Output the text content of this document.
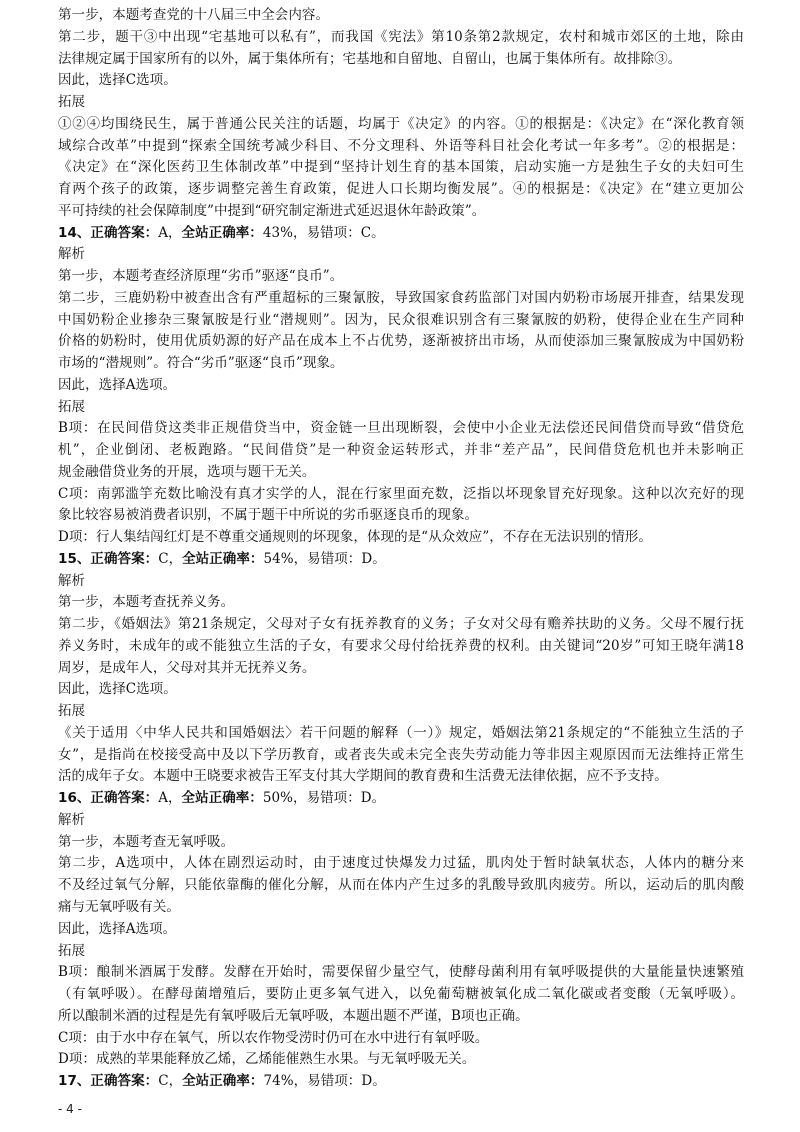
第一步，本题考查党的十八届三中全会内容。
第二步，题干③中出现“宅基地可以私有”，而我国《宪法》第10条第2款规定，农村和城市郊区的土地，除由
法律规定属于国家所有的以外，属于集体所有；宅基地和自留地、自留山，也属于集体所有。故排除③。
因此，选择C选项。
拓展
①②④均围绕民生，属于普通公民关注的话题，均属于《决定》的内容。①的根据是：《决定》在“深化教育领
域综合改革”中提到“探索全国统考减少科目、不分文理科、外语等科目社会化考试一年多考”。②的根据是：
《决定》在“深化医药卫生体制改革”中提到“坚持计划生育的基本国策，启动实施一方是独生子女的夫妇可生
育两个孩子的政策，逐步调整完善生育政策，促进人口长期均衡发展”。④的根据是：《决定》在“建立更加公
平可持续的社会保障制度”中提到“研究制定渐进式延迟退休年龄政策”。
14、正确答案：A，全站正确率：43%，易错项：C。
解析
第一步，本题考查经济原理“劣币”驱逐“良币”。
第二步，三鹿奶粉中被查出含有严重超标的三聚氰胺，导致国家食药监部门对国内奶粉市场展开排查，结果发现
中国奶粉企业掺杂三聚氰胺是行业“潜规则”。因为，民众很难识别含有三聚氰胺的奶粉，使得企业在生产同种
价格的奶粉时，使用优质奶源的好产品在成本上不占优势，逐渐被挤出市场，从而使添加三聚氰胺成为中国奶粉
市场的“潜规则”。符合“劣币”驱逐“良币”现象。
因此，选择A选项。
拓展
B项：在民间借贷这类非正规借贷当中，资金链一旦出现断裂，会使中小企业无法偿还民间借贷而导致“借贷危
机”，企业倒闭、老板跑路。“民间借贷”是一种资金运转形式，并非“差产品”，民间借贷危机也并未影响正
规金融借贷业务的开展，选项与题干无关。
C项：南郭滥竽充数比喻没有真才实学的人，混在行家里面充数，泛指以坏现象冒充好现象。这种以次充好的现
象比较容易被消费者识别，不属于题干中所说的劣币驱逐良币的现象。
D项：行人集结闯红灯是不尊重交通规则的坏现象，体现的是“从众效应”，不存在无法识别的情形。
15、正确答案：C，全站正确率：54%，易错项：D。
解析
第一步，本题考查抚养义务。
第二步，《婚姻法》第21条规定，父母对子女有抚养教育的义务；子女对父母有赡养扶助的义务。父母不履行抚
养义务时，未成年的或不能独立生活的子女，有要求父母付给抚养费的权利。由关键词“20岁”可知王晓年满18
周岁，是成年人，父母对其并无抚养义务。
因此，选择C选项。
拓展
《关于适用〈中华人民共和国婚姻法〉若干问题的解释（一）》规定，婚姻法第21条规定的“不能独立生活的子
女”，是指尚在校接受高中及以下学历教育，或者丧失或未完全丧失劳动能力等非因主观原因而无法维持正常生
活的成年子女。本题中王晓要求被告王军支付其大学期间的教育费和生活费无法律依据，应不予支持。
16、正确答案：A，全站正确率：50%，易错项：D。
解析
第一步，本题考查无氧呼吸。
第二步，A选项中，人体在剧烈运动时，由于速度过快爆发力过猛，肌肉处于暂时缺氧状态，人体内的糖分来
不及经过氧气分解，只能依靠酶的催化分解，从而在体内产生过多的乳酸导致肌肉疲劳。所以，运动后的肌肉酸
痛与无氧呼吸有关。
因此，选择A选项。
拓展
B项：酿制米酒属于发酵。发酵在开始时，需要保留少量空气，使酵母菌利用有氧呼吸提供的大量能量快速繁殖
（有氧呼吸）。在酵母菌增殖后，要防止更多氧气进入，以免葡萄糖被氧化成二氧化碳或者变酸（无氧呼吸）。
所以酿制米酒的过程是先有氧呼吸后无氧呼吸，本题出题不严谨，B项也正确。
C项：由于水中存在氧气，所以农作物受涝时仍可在水中进行有氧呼吸。
D项：成熟的苹果能释放乙烯，乙烯能催熟生水果。与无氧呼吸无关。
17、正确答案：C，全站正确率：74%，易错项：D。
- 4 -
